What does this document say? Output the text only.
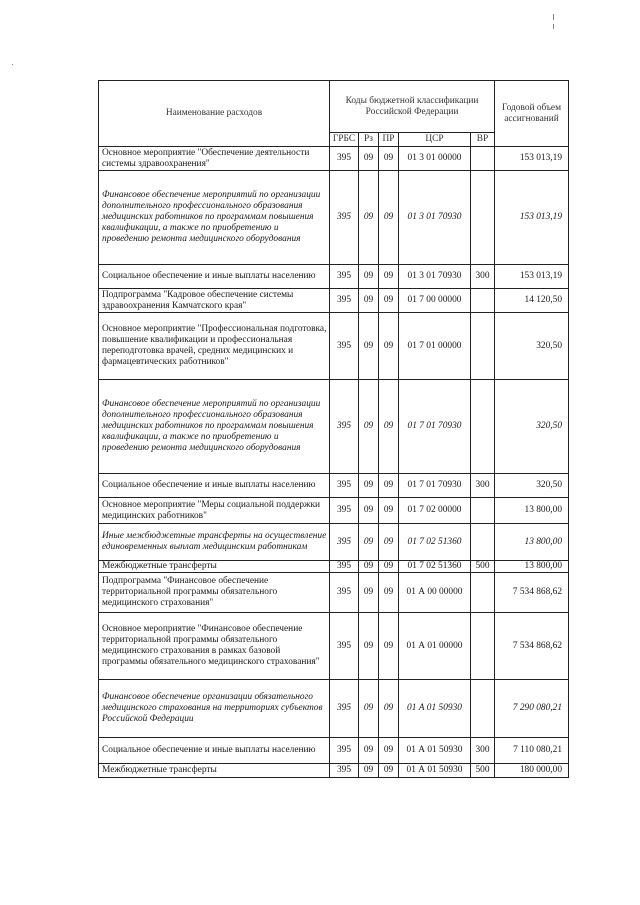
Наименование расходов	Коды бюджетной классификации Российской Федерации					Годовой объем ассигнований
	ГРБС	Рз	ПР	ЦСР	ВР	
Основное мероприятие "Обеспечение деятельности системы здравоохранения"	395	09	09	01 3 01 00000		153 013,19
Финансовое обеспечение мероприятий по организации дополнительного профессионального образования медицинских работников по программам повышения квалификации, а также по приобретению и проведению ремонта медицинского оборудования	395	09	09	01 3 01 70930		153 013,19
Социальное обеспечение и иные выплаты населению	395	09	09	01 3 01 70930	300	153 013,19
Подпрограмма "Кадровое обеспечение системы здравоохранения Камчатского края"	395	09	09	01 7 00 00000		14 120,50
Основное мероприятие "Профессиональная подготовка, повышение квалификации и профессиональная переподготовка врачей, средних медицинских и фармацевтических работников"	395	09	09	01 7 01 00000		320,50
Финансовое обеспечение мероприятий по организации дополнительного профессионального образования медицинских работников по программам повышения квалификации, а также по приобретению и проведению ремонта медицинского оборудования	395	09	09	01 7 01 70930		320,50
Социальное обеспечение и иные выплаты населению	395	09	09	01 7 01 70930	300	320,50
Основное мероприятие "Меры социальной поддержки медицинских работников"	395	09	09	01 7 02 00000		13 800,00
Иные межбюджетные трансферты на осуществление единовременных выплат медицинским работникам	395	09	09	01 7 02 51360		13 800,00
Межбюджетные трансферты	395	09	09	01 7 02 51360	500	13 800,00
Подпрограмма "Финансовое обеспечение территориальной программы обязательного медицинского страхования"	395	09	09	01 А 00 00000		7 534 868,62
Основное мероприятие "Финансовое обеспечение территориальной программы обязательного медицинского страхования в рамках базовой программы обязательного медицинского страхования"	395	09	09	01 А 01 00000		7 534 868,62
Финансовое обеспечение организации обязательного медицинского страхования на территориях субъектов Российской Федерации	395	09	09	01 А 01 50930		7 290 080,21
Социальное обеспечение и иные выплаты населению	395	09	09	01 А 01 50930	300	7 110 080,21
Межбюджетные трансферты	395	09	09	01 А 01 50930	500	180 000,00
